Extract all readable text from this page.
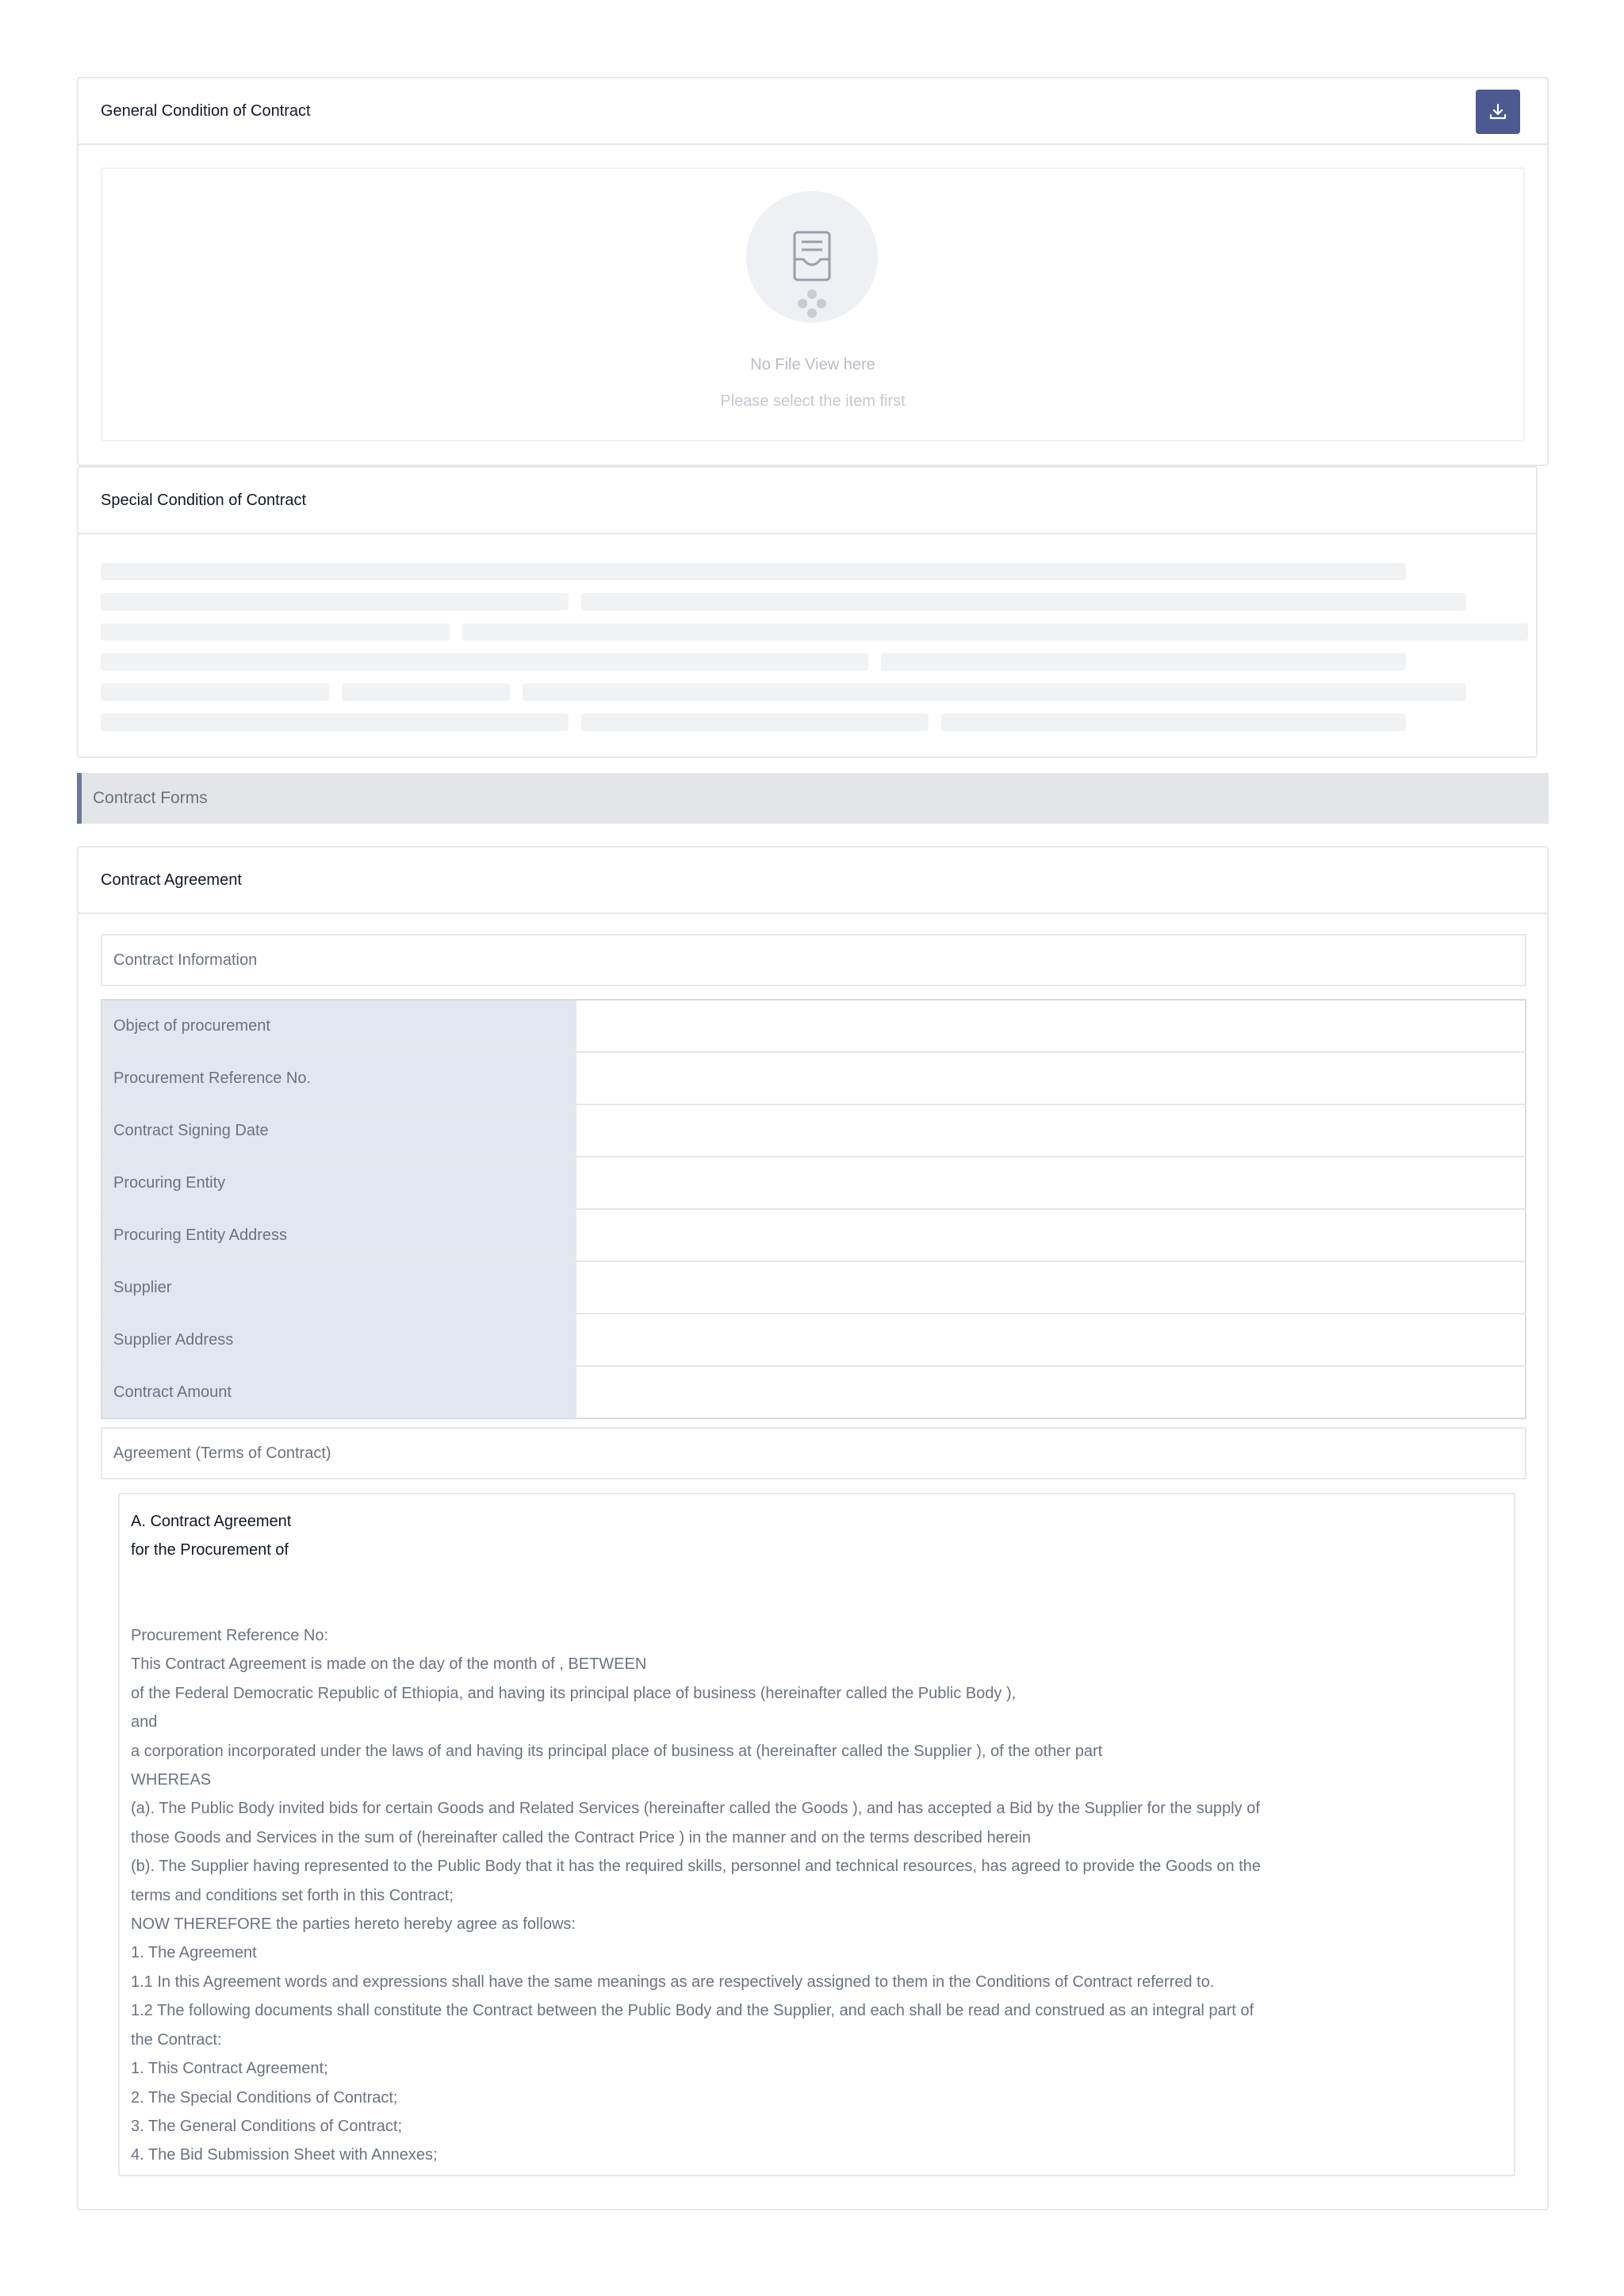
General Condition of Contract
No File View here
Please select the item first
Special Condition of Contract
Contract Forms
Contract Agreement
Contract Information
Object of procurement	
Procurement Reference No.	
Contract Signing Date	
Procuring Entity	
Procuring Entity Address	
Supplier	
Supplier Address	
Contract Amount	
Agreement (Terms of Contract)
A. Contract Agreement
for the Procurement of

Procurement Reference No:

This Contract Agreement is made on the day of the month of , BETWEEN

of the Federal Democratic Republic of Ethiopia, and having its principal place of business (hereinafter called the Public Body ),

and

a corporation incorporated under the laws of and having its principal place of business at (hereinafter called the Supplier ), of the other part

WHEREAS

(a). The Public Body invited bids for certain Goods and Related Services (hereinafter called the Goods ), and has accepted a Bid by the Supplier for the supply of

those Goods and Services in the sum of (hereinafter called the Contract Price ) in the manner and on the terms described herein

(b). The Supplier having represented to the Public Body that it has the required skills, personnel and technical resources, has agreed to provide the Goods on the

terms and conditions set forth in this Contract;

NOW THEREFORE the parties hereto hereby agree as follows:

1. The Agreement

1.1 In this Agreement words and expressions shall have the same meanings as are respectively assigned to them in the Conditions of Contract referred to.

1.2 The following documents shall constitute the Contract between the Public Body and the Supplier, and each shall be read and construed as an integral part of

the Contract:

1. This Contract Agreement;

2. The Special Conditions of Contract;

3. The General Conditions of Contract;

4. The Bid Submission Sheet with Annexes;
